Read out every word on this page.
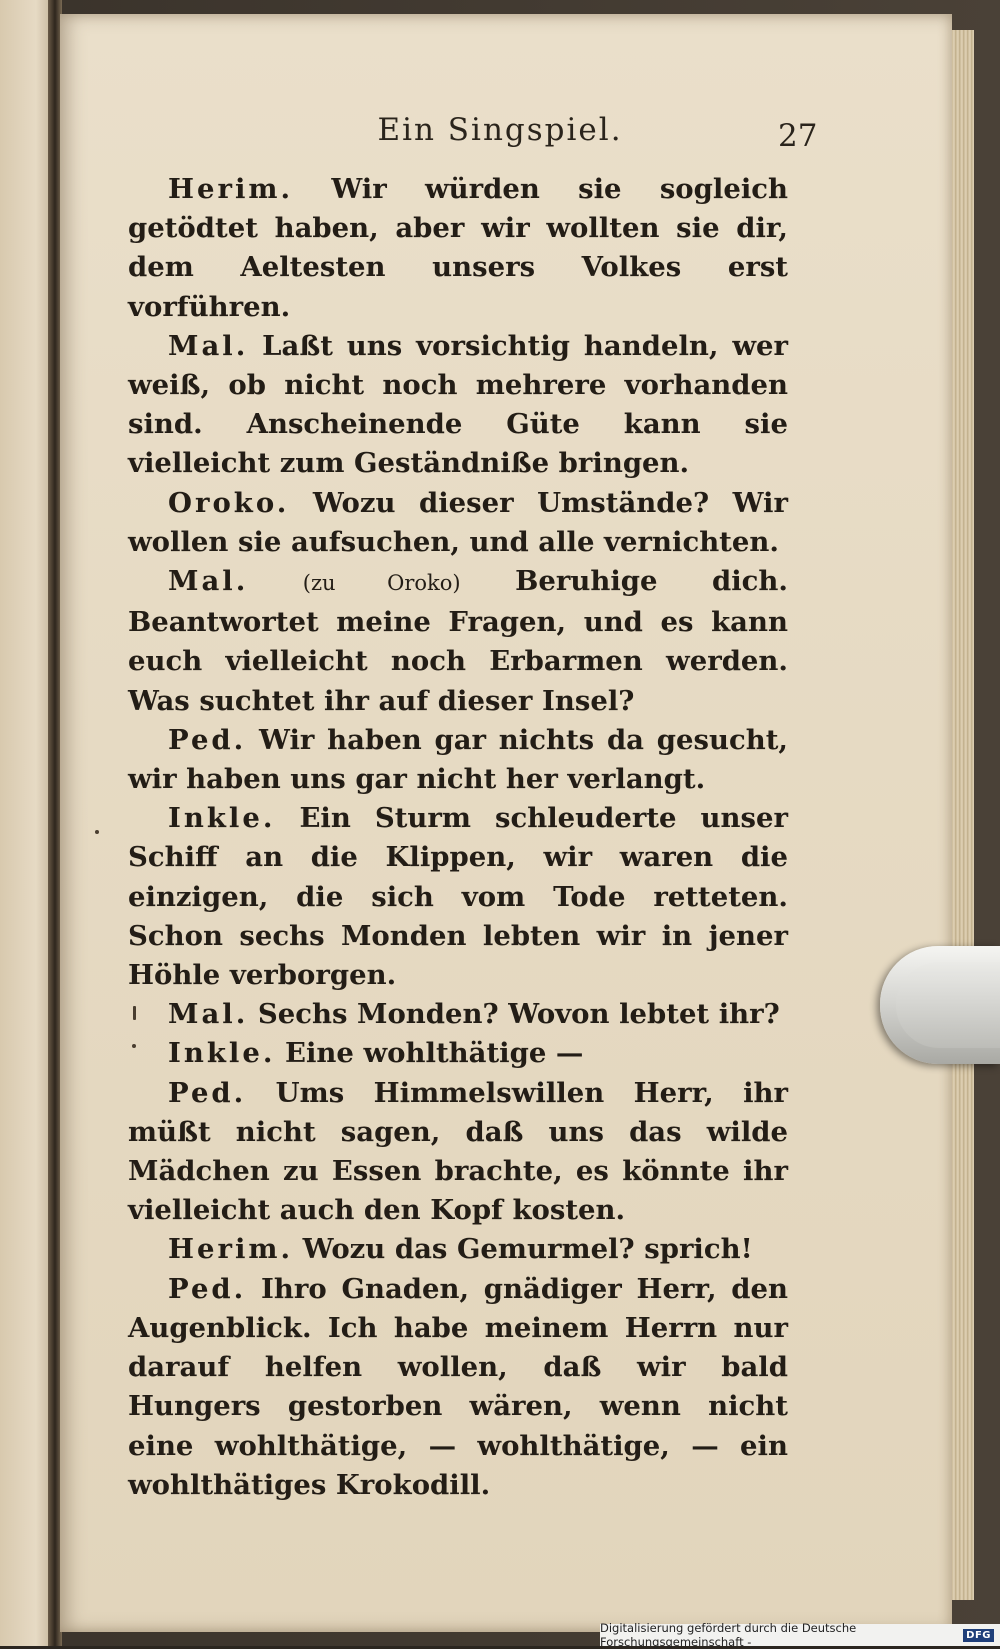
Ein Singspiel.	27

Herim. Wir würden sie sogleich getödtet haben, aber wir wollten sie dir, dem Aeltesten unsers Volkes erst vorführen.

Mal. Laßt uns vorsichtig handeln, wer weiß, ob nicht noch mehrere vorhanden sind. Anscheinende Güte kann sie vielleicht zum Geständniße bringen.

Oroko. Wozu dieser Umstände? Wir wollen sie aufsuchen, und alle vernichten.

Mal.	(zu Oroko) Beruhige dich. Beantwortet meine Fragen, und es kann euch vielleicht noch Erbarmen werden. Was suchtet ihr auf dieser Insel?

Ped. Wir haben gar nichts da gesucht, wir haben uns gar nicht her verlangt.

Inkle. Ein Sturm schleuderte unser Schiff an die Klippen, wir waren die einzigen, die sich vom Tode retteten. Schon sechs Monden lebten wir in jener Höhle verborgen.

Mal. Sechs Monden? Wovon lebtet ihr?

Inkle. Eine wohlthätige —

Ped. Ums Himmelswillen Herr, ihr müßt nicht sagen, daß uns das wilde Mädchen zu Essen brachte, es könnte ihr vielleicht auch den Kopf kosten.

Herim. Wozu das Gemurmel? sprich!

Ped. Ihro Gnaden, gnädiger Herr, den Augenblick. Ich habe meinem Herrn nur darauf helfen wollen, daß wir bald Hungers gestorben wären, wenn nicht eine wohlthätige, — wohlthätige, — ein wohlthätiges Krokodill.

Digitalisierung gefördert durch die Deutsche Forschungsgemeinschaft -	DFG
